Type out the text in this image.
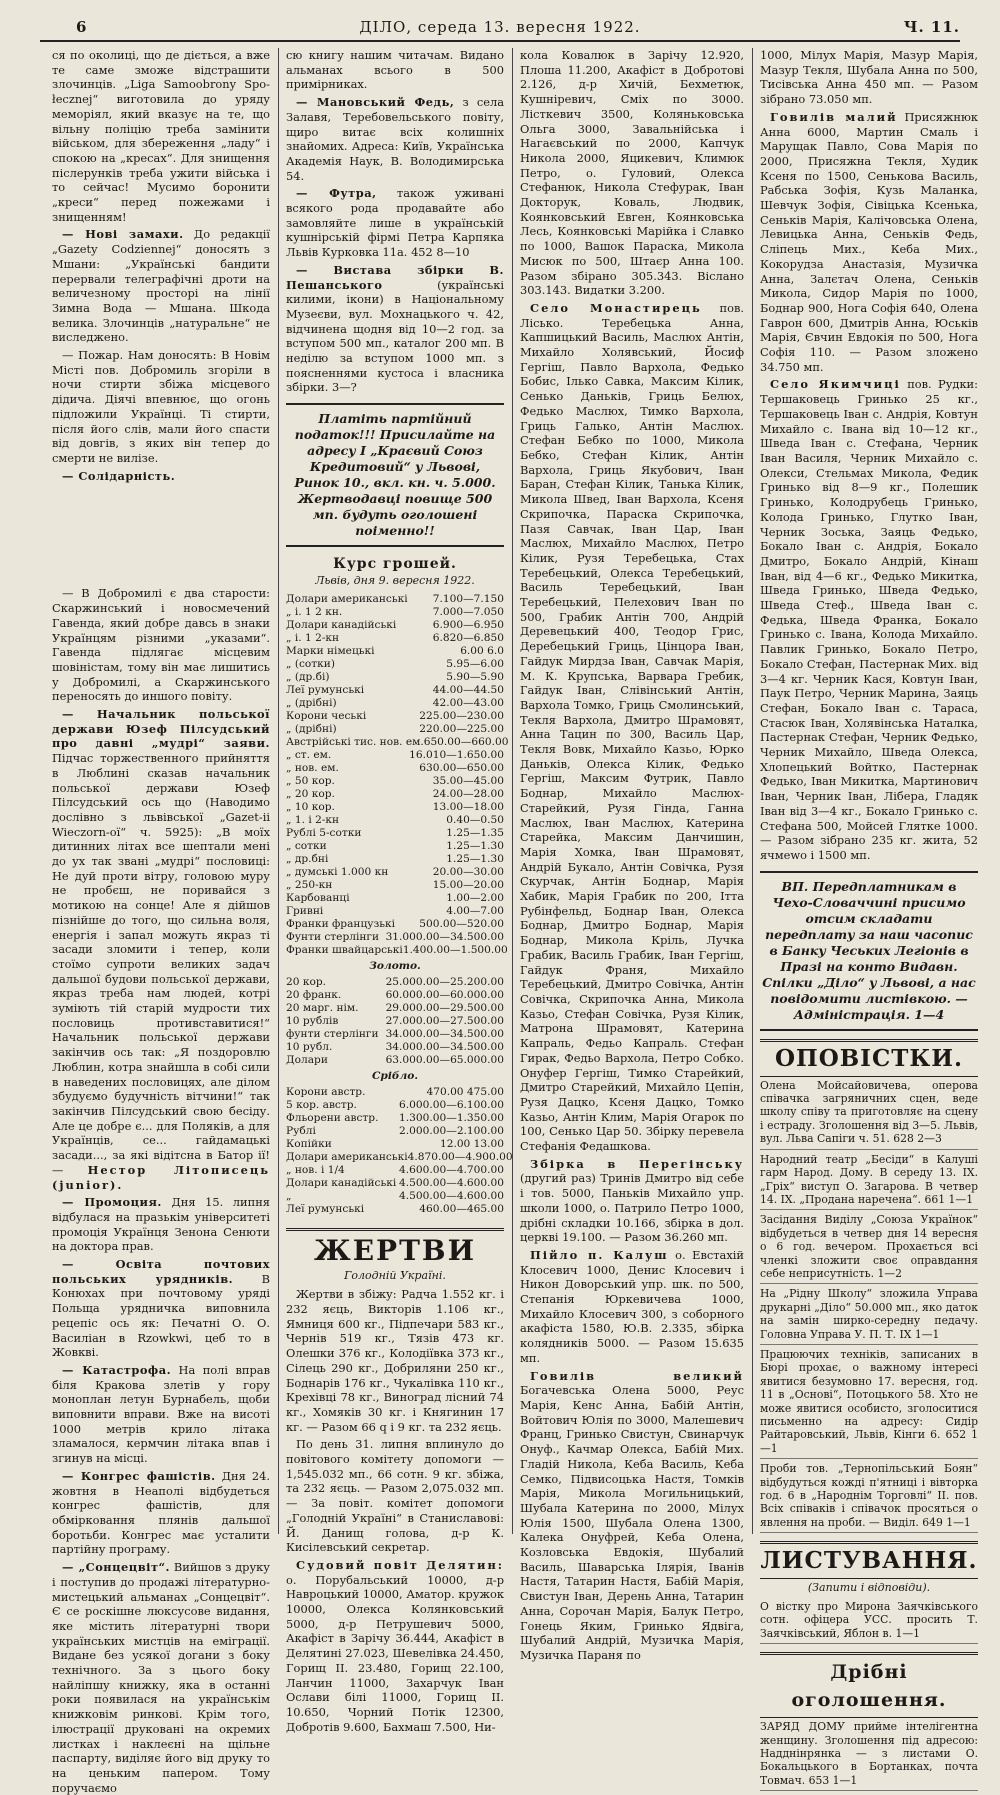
6	ДІЛО, середа 13. вересня 1922.	Ч. 11.

ся по околиці, що де діється, а вже те саме зможе відстрашити злочинців. „Liga Samoobrony Spo-łecznej“ виготовила до уряду меморіял, який вказує на те, що вільну поліцію треба замінити військом, для збереження „ладу“ і спокою на „кресах“. Для знищення післерунків треба ужити війська і то сейчас! Мусимо боронити „креси“ перед пожежами і знищенням!

— Нові замахи. До редакції „Gazety Codziennej“ доносять з Мшани: „Українські бандити перервали телеграфічні дроти на величезному просторі на лінії Зимна Вода — Мшана. Шкода велика. Злочинців „натуральне“ не виследжено.

— Пожар. Нам доносять: В Новім Місті пов. Добромиль згоріли в ночи стирти збіжа місцевого дідича. Діячі впевнює, що огонь підложили Українці. Ті стирти, після його слів, мали його спасти від довгів, з яких він тепер до смерти не вилізе.

— Солідарність.

— В Добромилі є два старости: Скаржинський і новосмечений Гавенда, який добре давсь в знаки Українцям різними „указами“. Гавенда підлягає місцевим шовіністам, тому він має лишитись у Добромилі, а Скаржинського переносять до иншого повіту.

— Начальник польської держави Юзеф Пілсудський про давні „мудрі“ заяви. Підчас торжественного прийняття в Люблині сказав начальник польської держави Юзеф Пілсудський ось що (Наводимо дослівно з львівської „Gazet-ii Wieczorn-oї“ ч. 5925): „В моїх дитинних літах все шептали мені до ух так звані „мудрі“ пословиці: Не дуй проти вітру, головою муру не пробєш, не поривайся з мотикою на сонце! Але я дійшов пізнійше до того, що сильна воля, енергія і запал можуть якраз ті засади зломити і тепер, коли стоїмо супроти великих задач дальшої будови польської держави, якраз треба нам людей, котрі зуміють тій старій мудрости тих пословиць противставитися!“ Начальник польської держави закінчив ось так: „Я поздоровлю Люблин, котра знайшла в собі сили в наведених пословицях, але ділом збудуємо будучність вітчини!“ так закінчив Пілсудський свою бесіду. Але це добре є... для Поляків, а для Українців, се... гайдамацькі засади..., за які відітсна в Батор ії! — Нестор Літописець (junior).

— Промоция. Дня 15. липня відбулася на празькім університеті промоція Українця Зенона Сенюти на доктора прав.

— Освіта почтових польських урядників. В Конюхах при почтовому уряді Польща урядничка виповнила рецепіс ось як: Печатні О. О. Василіан в Rzowkwi, цеб то в Жовкві.

— Катастрофа. На полі вправ біля Кракова злетів у гору моноплан летун Бурнабель, щоби виповнити вправи. Вже на висоті 1000 метрів крило літака зламалося, кермчин літака впав і згинув на місці.

— Конгрес фашістів. Дня 24. жовтня в Неаполі відбудеться конгрес фашістів, для обмірковання плянів дальшої боротьби. Конгрес має усталити партійну програму.

— „Сонцецвіт“. Вийшов з друку і поступив до продажі літературно-мистецький альманах „Сонцецвіт“. Є се роскішне люксусове видання, яке містить літературні твори українських мистців на еміграції. Видане без усякої догани з боку технічного. За з цього боку найліпшу книжку, яка в останні роки появилася на українськім книжковім ринкові. Крім того, ілюстрації друковані на окремих листках і наклеєні на щільне паспарту, виділяє його від друку то на ценьким папером. Тому поручаємо

сю книгу нашим читачам. Видано альманах всього в 500 примірниках.

— Мановський Федь, з села Залавя, Теребовельського повіту, щиро витає всіх колишніх знайомих. Адреса: Київ, Українська Академія Наук, В. Володимирська 54.

— Футра, також уживані всякого рода продавайте або замовляйте лише в українській кушнірській фірмі Петра Карпяка Львів Курковка 11а. 452 8—10

— Вистава збірки В. Пешанського (українські килими, ікони) в Національному Музеєви, вул. Мохнацького ч. 42, відчинена щодня від 10—2 год. за вступом 500 мп., каталог 200 мп. В неділю за вступом 1000 мп. з поясненнями кустоса і власника збірки. 3—?

Платіть партійний податок!!! Присилайте на адресу І „Краєвий Союз Кредитовий“ у Львові, Ринок 10., вкл. кн. ч. 5.000. Жертводавці повище 500 мп. будуть оголошені поіменно!!
Курс грошей.
Львів, дня 9. вересня 1922.
Долари американські 7.100—7.150
„ і. 1 2 кн.	7.000—7.050
Долари канадійські	6.900—6.950
„ і. 1 2-кн	6.820—6.850
Марки німецькі	6.00 6.0
„ (сотки)	5.95—6.00
„ (др.бі)	5.90—5.90
Леї румунські	44.00—44.50
„ (дрібні)	42.00—43.00
Корони чеські	225.00—230.00
„ (дрібні)	220.00—225.00
Австрійські тис. нов. ем. 650.00—660.00
„ ст. ем.	16.010—1.650.00
„ нов. ем.	630.00—650.00
„ 50 кор.	35.00—45.00
„ 20 кор.	24.00—28.00
„ 10 кор.	13.00—18.00
„ 1. і 2-кн	0.40—0.50
Рублі 5-сотки	1.25—1.35
„ сотки	1.25—1.30
„ др.бні	1.25—1.30
„ думські 1.000 кн	20.00—30.00
„ 250-кн	15.00—20.00
Карбованці	1.00—2.00
Гривні	4.00—7.00
Франки французькі 500.00—520.00
Фунти стерлінги 31.000.00—34.500.00
Франки швайцарські 1.400.00—1.500.00
Золото.
20 кор.	25.000.00—25.200.00
20 франк.	60.000.00—60.000.00
20 марг. нім.	29.000.00—29.500.00
10 рублів	27.000.00—27.500.00
фунти стерлінги 34.000.00—34.500.00
10 рубл.	34.000.00—34.500.00
Долари	63.000.00—65.000.00
Срібло.
Корони австр.	470.00 475.00
5 кор. австр.	6.000.00—6.100.00
Фльорени австр. 1.300.00—1.350.00
Рублі	2.000.00—2.100.00
Копійки	12.00 13.00
Долари американські 4.870.00—4.900.00
„ нов. і 1/4	4.600.00—4.700.00
Долари канадійські 4.500.00—4.600.00
„	4.500.00—4.600.00
Леї румунські	460.00—465.00
ЖЕРТВИ
Голодній Україні.

Жертви в збіжу: Радча 1.552 кг. і 232 яєць, Викторів 1.106 кг., Ямниця 600 кг., Підпечари 583 кг., Чернів 519 кг., Тязів 473 кг. Олешки 376 кг., Колодіївка 373 кг., Сілець 290 кг., Добриляни 250 кг., Боднарів 176 кг., Чукалівка 110 кг., Крехівці 78 кг., Виноград лісний 74 кг., Хомяків 30 кг. і Княгинин 17 кг. — Разом 66 q і 9 кг. та 232 яєць.

По день 31. липня вплинуло до повітового комітету допомоги — 1,545.032 мп., 66 сотн. 9 кг. збіжа, та 232 яєць. — Разом 2,075.032 мп. — За повіт. комітет допомоги „Голодній Україні“ в Станиславові: Й. Данищ голова, д-р К. Кисілевський секретар.

Судовий повіт Делятин: о. Порубальський 10000, д-р Навроцький 10000, Аматор. кружок 10000, Олекса Колянковський 5000, д-р Петрушевич 5000, Акафіст в Зарічу 36.444, Акафіст в Делятині 27.023, Шевелівка 24.450, Горищ II. 23.480, Горищ 22.100, Ланчин 11000, Захарчук Іван Ослави білі 11000, Горищ II. 10.650, Чорний Потік 12300, Добротів 9.600, Бахмаш 7.500, Ни-

кола Ковалюк в Зарічу 12.920, Плоша 11.200, Акафіст в Добротові 2.126, д-р Хичій, Бехметюк, Кушніревич, Сміх по 3000. Лісткевич 3500, Коляньковська Ольга 3000, Завальнійська і Нагаєвський по 2000, Капчук Никола 2000, Яцикевич, Климюк Петро, о. Гуловий, Олекса Стефанюк, Никола Стефурак, Іван Докторук, Коваль, Людвик, Коянковський Евген, Коянковська Лесь, Коянковські Марійка і Славко по 1000, Вашок Параска, Микола Мисюк по 500, Штаєр Анна 100. Разом збірано 305.343. Віслано 303.143. Видатки 3.200.

Село Монастирець пов. Лісько. Теребецька Анна, Капшицький Василь, Маслюх Антін, Михайло Холявський, Йосиф Гергіш, Павло Вархола, Федько Бобис, Ілько Савка, Максим Кілик, Сенько Даньків, Гриць Белюх, Федько Маслюх, Тимко Вархола, Гриць Галько, Антін Маслюх. Стефан Бебко по 1000, Микола Бебко, Стефан Кілик, Антін Вархола, Гриць Якубович, Іван Баран, Стефан Кілик, Танька Кілик, Микола Швед, Іван Вархола, Ксеня Скрипочка, Параска Скрипочка, Пазя Савчак, Іван Цар, Іван Маслюх, Михайло Маслюх, Петро Кілик, Рузя Теребецька, Стах Теребецький, Олекса Теребецький, Василь Теребецький, Іван Теребецький, Пелехович Іван по 500, Грабик Антін 700, Андрій Деревецький 400, Теодор Грис, Деребецький Гриць, Цінцора Іван, Гайдук Мирдза Іван, Савчак Марія, М. К. Крупська, Варвара Гребик, Гайдук Іван, Слівінський Антін, Вархола Томко, Гриць Смолинський, Текля Вархола, Дмитро Шрамовят, Анна Тацин по 300, Василь Цар, Текля Вовк, Михайло Казьо, Юрко Даньків, Олекса Кілик, Федько Гергіш, Максим Футрик, Павло Боднар, Михайло Маслюх-Старейкий, Рузя Гінда, Ганна Маслюх, Іван Маслюх, Катерина Старейка, Максим Данчишин, Марія Хомка, Іван Шрамовят, Андрій Букало, Антін Совічка, Рузя Скурчак, Антін Боднар, Марія Хабик, Марія Грабик по 200, Ітта Рубінфельд, Боднар Іван, Олекса Боднар, Дмитро Боднар, Марія Боднар, Микола Кріль, Лучка Грабик, Василь Грабик, Іван Гергіш, Гайдук Франя, Михайло Теребецький, Дмитро Совічка, Антін Совічка, Скрипочка Анна, Микола Казьо, Стефан Совічка, Рузя Кілик, Матрона Шрамовят, Катерина Капраль, Федьо Капраль. Стефан Гирак, Федьо Вархола, Петро Собко. Онуфер Гергіш, Тимко Старейкий, Дмитро Старейкий, Михайло Цепін, Рузя Дацко, Ксеня Дацко, Томко Казьо, Антін Клим, Марія Огарок по 100, Сенько Цар 50. Збірку перевела Стефанія Федашкова.

Збірка в Перегінську (другий раз) Тринів Дмитро від себе і тов. 5000, Паньків Михайло упр. школи 1000, о. Патрило Петро 1000, дрібні складки 10.166, збірка в дол. церкві 19.100. — Разом 36.260 мп.

Пійло п. Калуш о. Евстахій Клосевич 1000, Денис Клосевич і Никон Доворський упр. шк. по 500, Степанія Юркевичева 1000, Михайло Клосевич 300, з соборного акафіста 1580, Ю.В. 2.335, збірка колядників 5000. — Разом 15.635 мп.

Говилів великий Богачевська Олена 5000, Реус Марія, Кенс Анна, Бабій Антін, Войтович Юлія по 3000, Малешевич Франц, Гринько Свистун, Свинарчук Онуф., Качмар Олекса, Бабій Мих. Гладій Никола, Кеба Василь, Кеба Семко, Підвисоцька Настя, Томків Марія, Микола Могильницький, Шубала Катерина по 2000, Мілух Юлія 1500, Шубала Олена 1300, Калека Онуфрей, Кеба Олена, Козловська Евдокія, Шубалий Василь, Шаварська Ілярія, Іванів Настя, Татарин Настя, Бабій Марія, Свистун Іван, Дерень Анна, Татарин Анна, Сорочан Марія, Балук Петро, Гонець Яким, Гринько Ядвіга, Шубалий Андрій, Музичка Марія, Музичка Параня по

1000, Мілух Марія, Мазур Марія, Мазур Текля, Шубала Анна по 500, Тисівська Анна 450 мп. — Разом зібрано 73.050 мп.

Говилів малий Присяжнюк Анна 6000, Мартин Смаль і Марущак Павло, Сова Марія по 2000, Присяжна Текля, Худик Ксеня по 1500, Сенькова Василь, Рабська Зофія, Кузь Маланка, Шевчук Зофія, Сівіцька Ксенька, Сеньків Марія, Калічовська Олена, Левицька Анна, Сеньків Федь, Сліпець Мих., Кеба Мих., Кокорудза Анастазія, Музичка Анна, Залєтач Олена, Сеньків Микола, Сидор Марія по 1000, Боднар 900, Нога Софія 640, Олена Гаврон 600, Дмитрів Анна, Юськів Марія, Євчин Евдокія по 500, Нога Софія 110. — Разом зложено 34.750 мп.

Село Якимчиці пов. Рудки: Тершаковець Гринько 25 кг., Тершаковець Іван с. Андрія, Ковтун Михайло с. Івана від 10—12 кг., Шведа Іван с. Стефана, Черник Іван Василя, Черник Михайло с. Олекси, Стельмах Микола, Федик Гринько від 8—9 кг., Полешик Гринько, Колодрубець Гринько, Колода Гринько, Глутко Іван, Черник Зоська, Заяць Федько, Бокало Іван с. Андрія, Бокало Дмитро, Бокало Андрій, Кінаш Іван, від 4—6 кг., Федько Микитка, Шведа Гринько, Шведа Федько, Шведа Стеф., Шведа Іван с. Федька, Шведа Франка, Бокало Гринько с. Івана, Колода Михайло. Павлик Гринько, Бокало Петро, Бокало Стефан, Пастернак Мих. від 3—4 кг. Черник Кася, Ковтун Іван, Паук Петро, Черник Марина, Заяць Стефан, Бокало Іван с. Тараса, Стасюк Іван, Холявінська Наталка, Пастернак Стефан, Черник Федько, Черник Михайло, Шведа Олекса, Хлопецький Войтко, Пастернак Федько, Іван Микитка, Мартинович Іван, Черник Іван, Лібера, Гладяк Іван від 3—4 кг., Бокало Гринько с. Стефана 500, Мойсей Глятке 1000. — Разом зібрано 235 кг. жита, 52 ячмеwо і 1500 мп.

ВП. Передплатникам в Чехо-Словаччині присимо отсим складати передплату за наш часопис в Банку Чеських Легіонів в Празі на конто Видавн. Спілки „Діло“ у Львові, а нас повідомити листівкою. — Адміністрація. 1—4
ОПОВІСТКИ.

Олена Мойсайовичева, оперова співачка загряничних сцен, веде школу співу та приготовляє на сцену і естраду. Зголошення від 3—5. Львів, вул. Льва Сапіги ч. 51. 628 2—3

Народний театр „Бесіди“ в Калуші гарм Народ. Дому. В середу 13. IX. „Гріх“ виступ О. Загарова. В четвер 14. IX. „Продана наречена“. 661 1—1

Засідання Виділу „Союза Українок“ відбудеться в четвер дня 14 вересня о 6 год. вечером. Прохається всі членкі зложити своє оправдання себе неприсутність. 1—2

На „Рідну Школу“ зложила Управа друкарні „Діло“ 50.000 мп., яко даток на замін ширко-середну педачу. Головна Управа У. П. Т. IX 1—1

Працюючих техніків, записаних в Бюрі прохає, о важному інтересі явитися безумовно 17. вересня, год. 11 в „Основі“, Потоцького 58. Хто не може явитися особисто, зголоситися письменно на адресу: Сидір Райтаровський, Львів, Кінги 6. 652 1—1

Проби тов. „Тернопільський Боян“ відбудуться кожді п'ятниці і вівторка год. 6 в „Народнім Торговлі“ II. пов. Всіх співаків і співачок просяться о явлення на проби. — Виділ. 649 1—1

ЛИСТУВАННЯ.
(Запити і відповіди).

О вістку про Мирона Заячківського сотн. офіцера УСС. просить Т. Заячківський, Яблон в. 1—1

Дрібні оголошення.

ЗАРЯД ДОМУ прийме інтелігентна женщину. Зголошення під адресою: Надднінрянка — з листами О. Бокальцького в Бортанках, почта Товмач. 653 1—1
